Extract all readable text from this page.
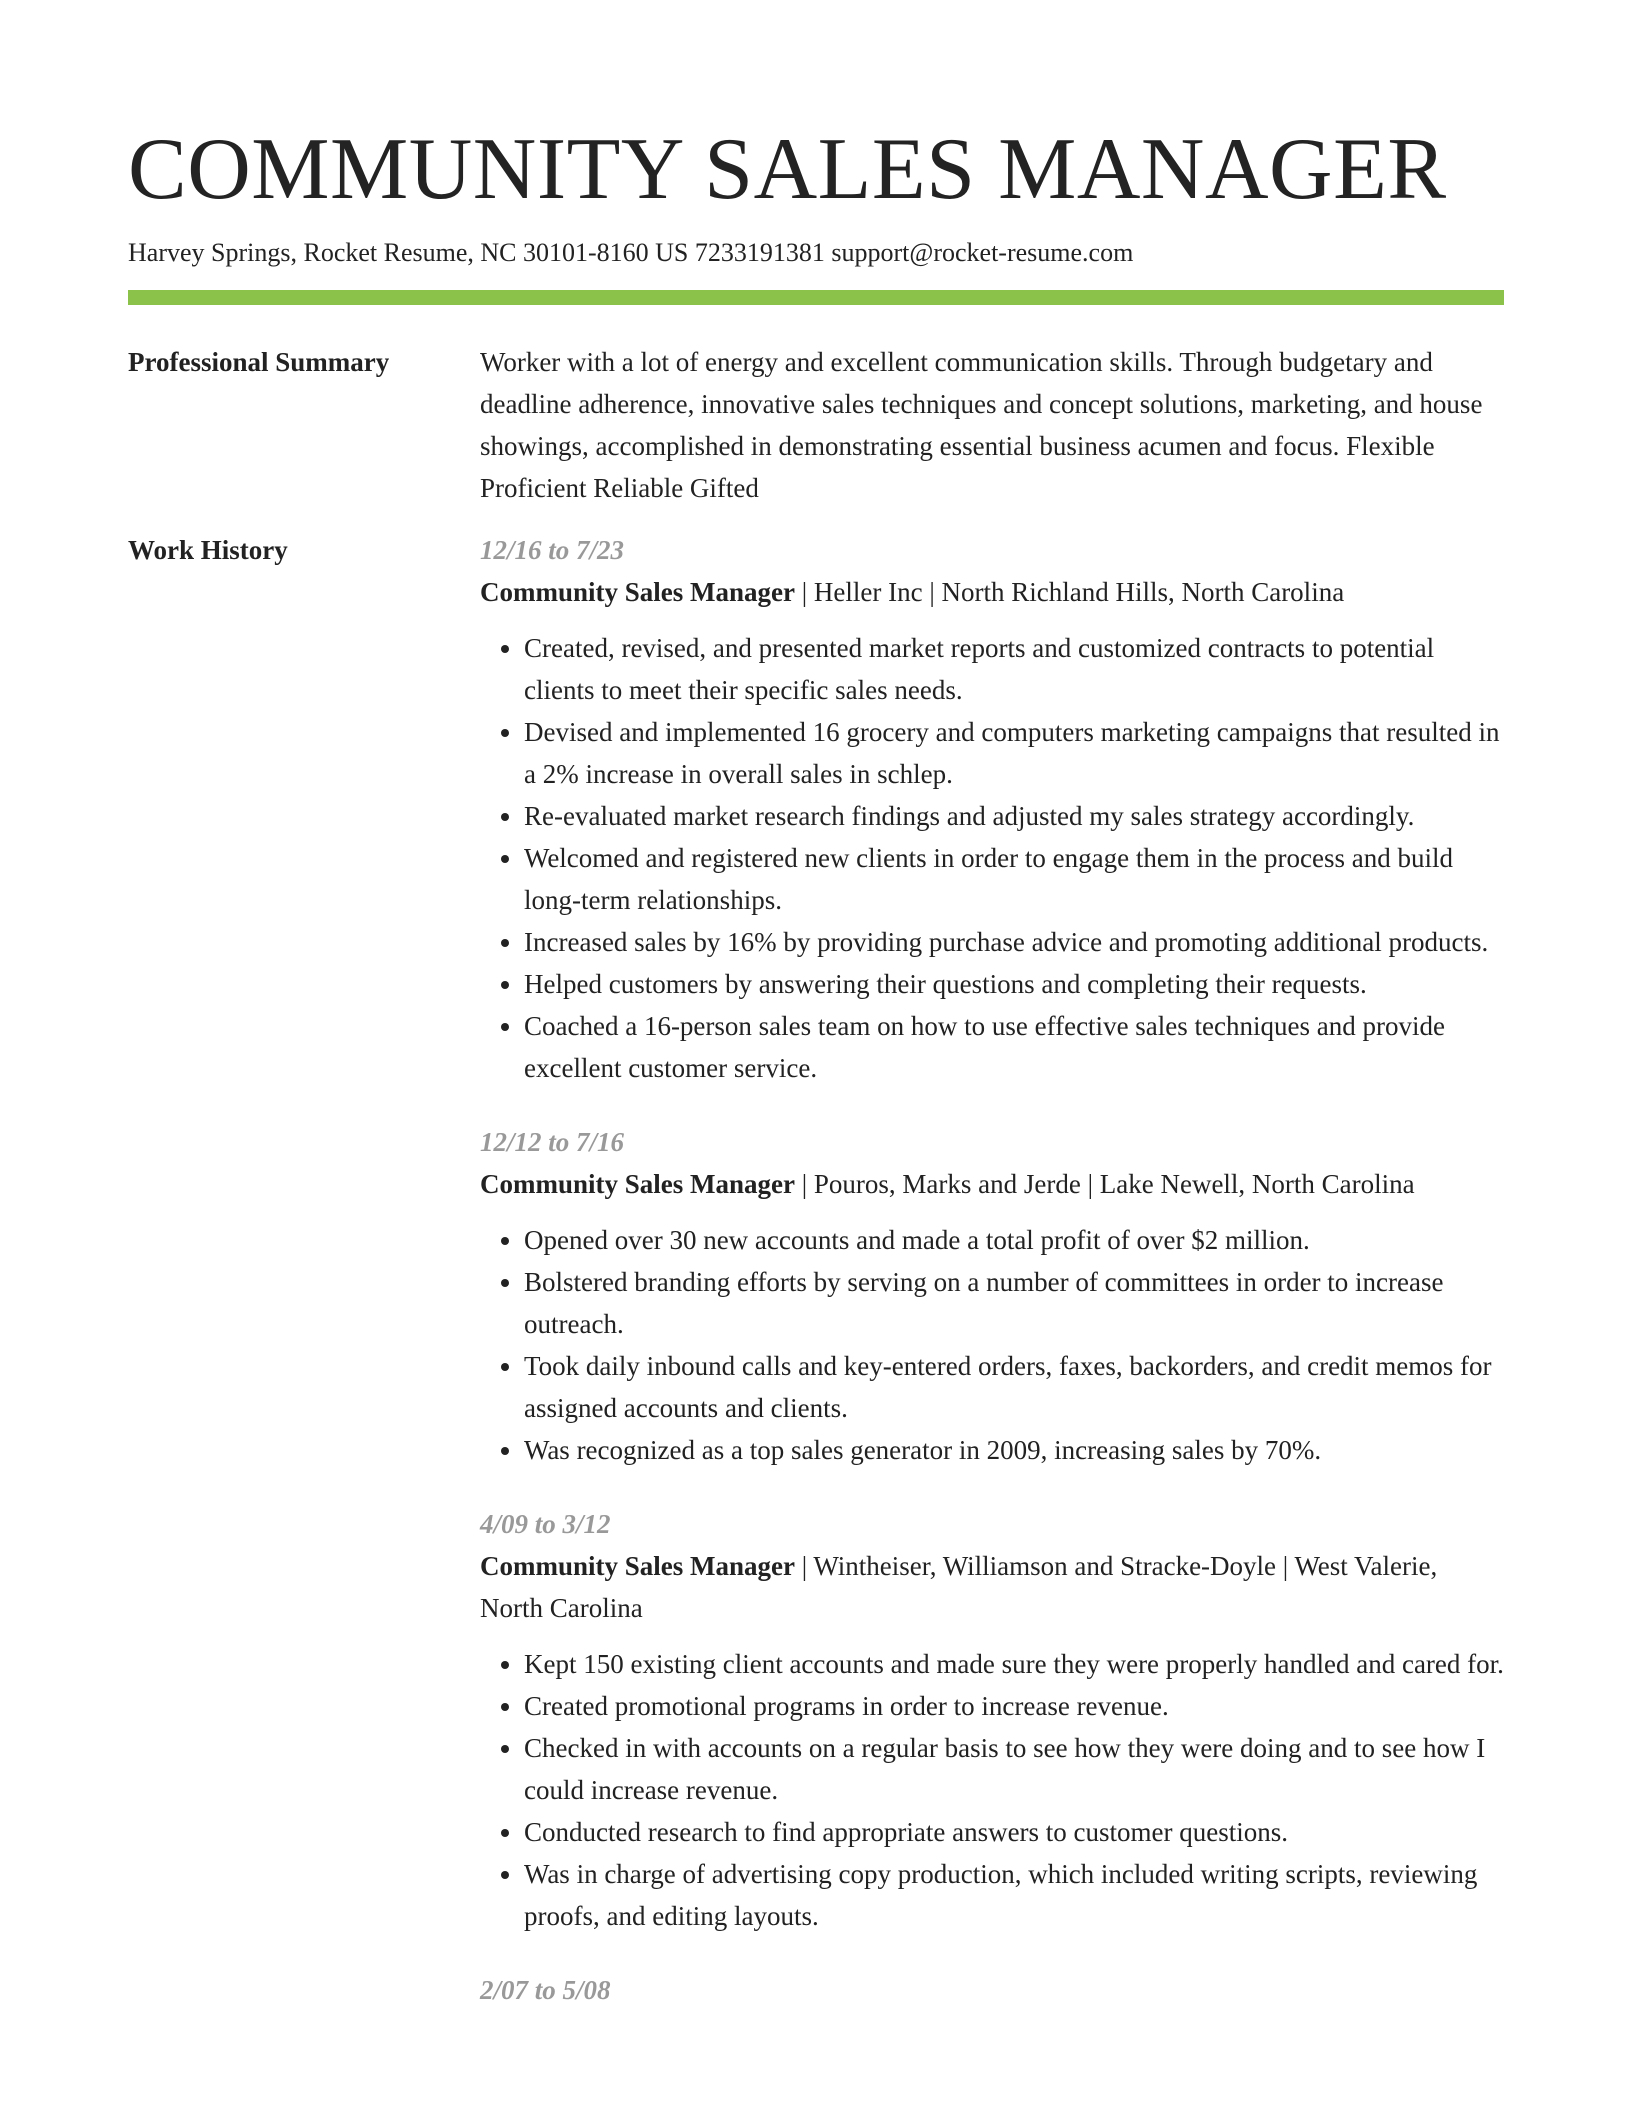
COMMUNITY SALES MANAGER
Harvey Springs, Rocket Resume, NC 30101-8160 US 7233191381 support@rocket-resume.com
Professional Summary	Worker with a lot of energy and excellent communication skills. Through budgetary and deadline adherence, innovative sales techniques and concept solutions, marketing, and house showings, accomplished in demonstrating essential business acumen and focus. Flexible Proficient Reliable Gifted

Work History	12/16 to 7/23
Community Sales Manager | Heller Inc | North Richland Hills, North Carolina
• Created, revised, and presented market reports and customized contracts to potential clients to meet their specific sales needs.
• Devised and implemented 16 grocery and computers marketing campaigns that resulted in a 2% increase in overall sales in schlep.
• Re-evaluated market research findings and adjusted my sales strategy accordingly.
• Welcomed and registered new clients in order to engage them in the process and build long-term relationships.
• Increased sales by 16% by providing purchase advice and promoting additional products.
• Helped customers by answering their questions and completing their requests.
• Coached a 16-person sales team on how to use effective sales techniques and provide excellent customer service.
12/12 to 7/16
Community Sales Manager | Pouros, Marks and Jerde | Lake Newell, North Carolina
• Opened over 30 new accounts and made a total profit of over $2 million.
• Bolstered branding efforts by serving on a number of committees in order to increase outreach.
• Took daily inbound calls and key-entered orders, faxes, backorders, and credit memos for assigned accounts and clients.
• Was recognized as a top sales generator in 2009, increasing sales by 70%.
4/09 to 3/12
Community Sales Manager | Wintheiser, Williamson and Stracke-Doyle | West Valerie, North Carolina
• Kept 150 existing client accounts and made sure they were properly handled and cared for.
• Created promotional programs in order to increase revenue.
• Checked in with accounts on a regular basis to see how they were doing and to see how I could increase revenue.
• Conducted research to find appropriate answers to customer questions.
• Was in charge of advertising copy production, which included writing scripts, reviewing proofs, and editing layouts.
2/07 to 5/08
